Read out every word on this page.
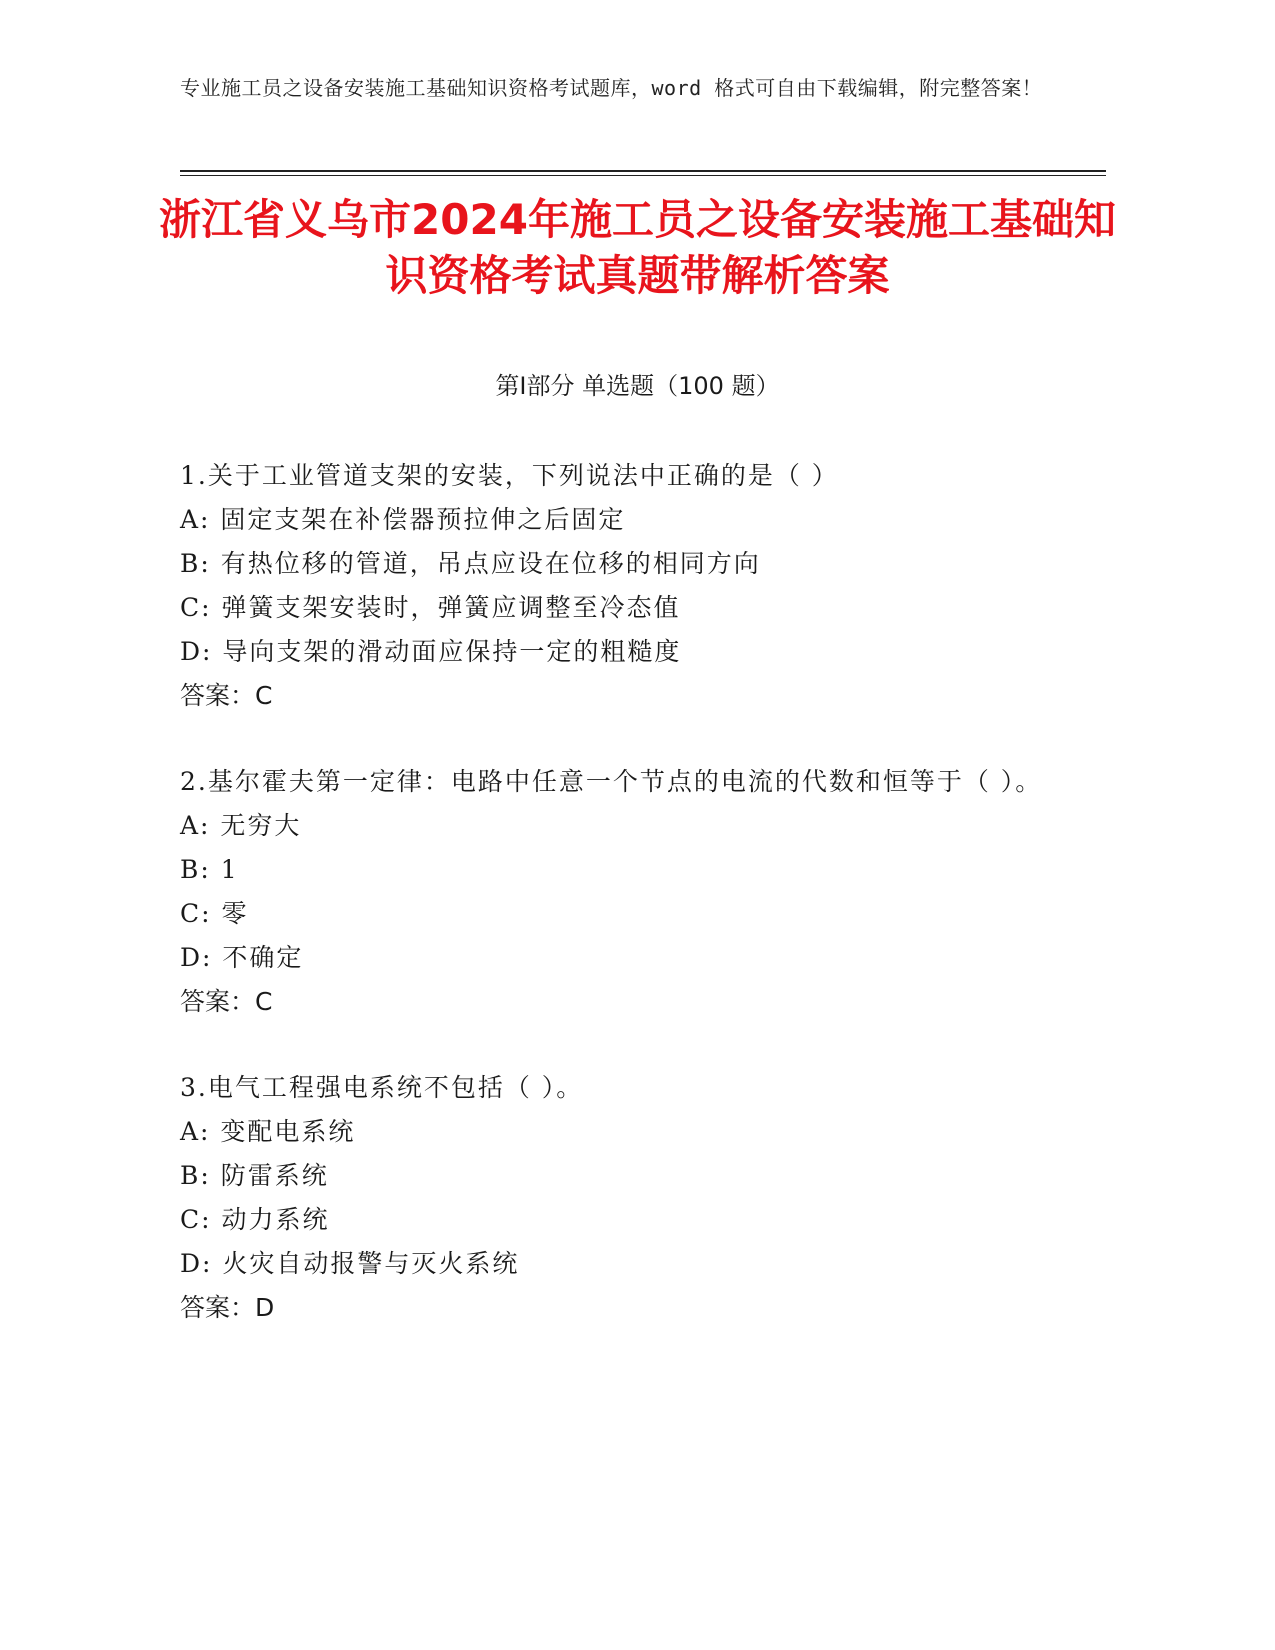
专业施工员之设备安装施工基础知识资格考试题库，word 格式可自由下载编辑，附完整答案！
浙江省义乌市2024年施工员之设备安装施工基础知识资格考试真题带解析答案
第Ⅰ部分 单选题（100 题）

1.关于工业管道支架的安装，下列说法中正确的是（ ）

A: 固定支架在补偿器预拉伸之后固定

B: 有热位移的管道，吊点应设在位移的相同方向

C: 弹簧支架安装时，弹簧应调整至冷态值

D: 导向支架的滑动面应保持一定的粗糙度

答案：C

2.基尔霍夫第一定律：电路中任意一个节点的电流的代数和恒等于（ ）。

A: 无穷大

B: 1

C: 零

D: 不确定

答案：C

3.电气工程强电系统不包括（ ）。

A: 变配电系统

B: 防雷系统

C: 动力系统

D: 火灾自动报警与灭火系统

答案：D
